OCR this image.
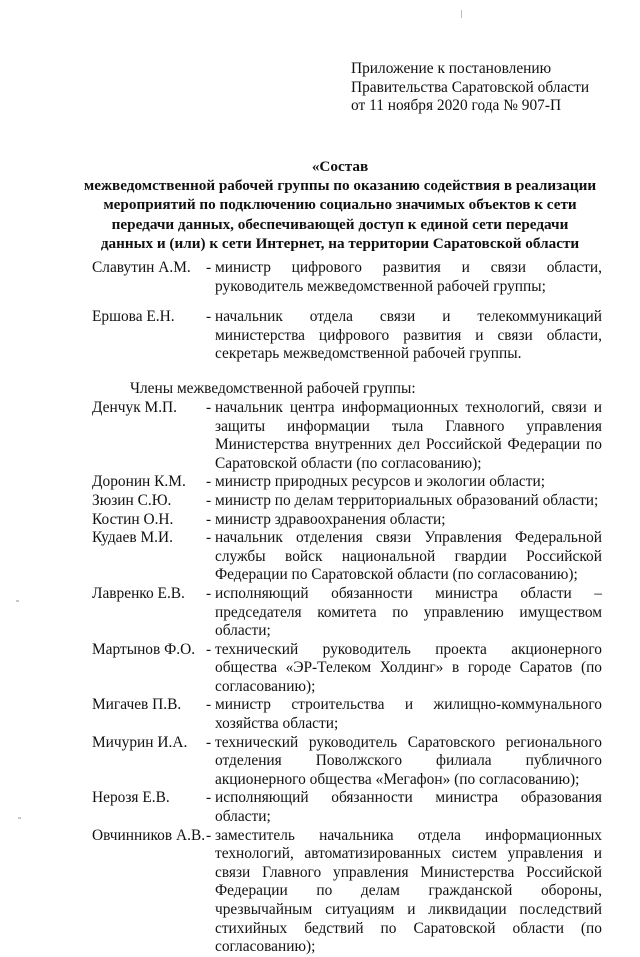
Приложение к постановлению
Правительства Саратовской области
от 11 ноября 2020 года № 907-П
«Состав
межведомственной рабочей группы по оказанию содействия в реализации
мероприятий по подключению социально значимых объектов к сети
передачи данных, обеспечивающей доступ к единой сети передачи
данных и (или) к сети Интернет, на территории Саратовской области
Славутин А.М. - министр цифрового развития и связи области, руководитель межведомственной рабочей группы;
Ершова Е.Н.	- начальник отдела связи и телекоммуникаций министерства цифрового развития и связи области, секретарь межведомственной рабочей группы.
Члены межведомственной рабочей группы:
Денчук М.П.	- начальник центра информационных технологий, связи и защиты информации тыла Главного управления Министерства внутренних дел Российской Федерации по Саратовской области (по согласованию);
Доронин К.М.	- министр природных ресурсов и экологии области;
Зюзин С.Ю.	- министр по делам территориальных образований области;
Костин О.Н.	- министр здравоохранения области;
Кудаев М.И.	- начальник отделения связи Управления Федеральной службы войск национальной гвардии Российской Федерации по Саратовской области (по согласованию);
Лавренко Е.В.	- исполняющий обязанности министра области – председателя комитета по управлению имуществом области;
Мартынов Ф.О. - технический руководитель проекта акционерного общества «ЭР-Телеком Холдинг» в городе Саратов (по согласованию);
Мигачев П.В.	- министр строительства и жилищно-коммунального хозяйства области;
Мичурин И.А.	- технический руководитель Саратовского регионального отделения Поволжского филиала публичного акционерного общества «Мегафон» (по согласованию);
Нерозя Е.В.	- исполняющий обязанности министра образования области;
Овчинников А.В. - заместитель начальника отдела информационных технологий, автоматизированных систем управления и связи Главного управления Министерства Российской Федерации по делам гражданской обороны, чрезвычайным ситуациям и ликвидации последствий стихийных бедствий по Саратовской области (по согласованию);
